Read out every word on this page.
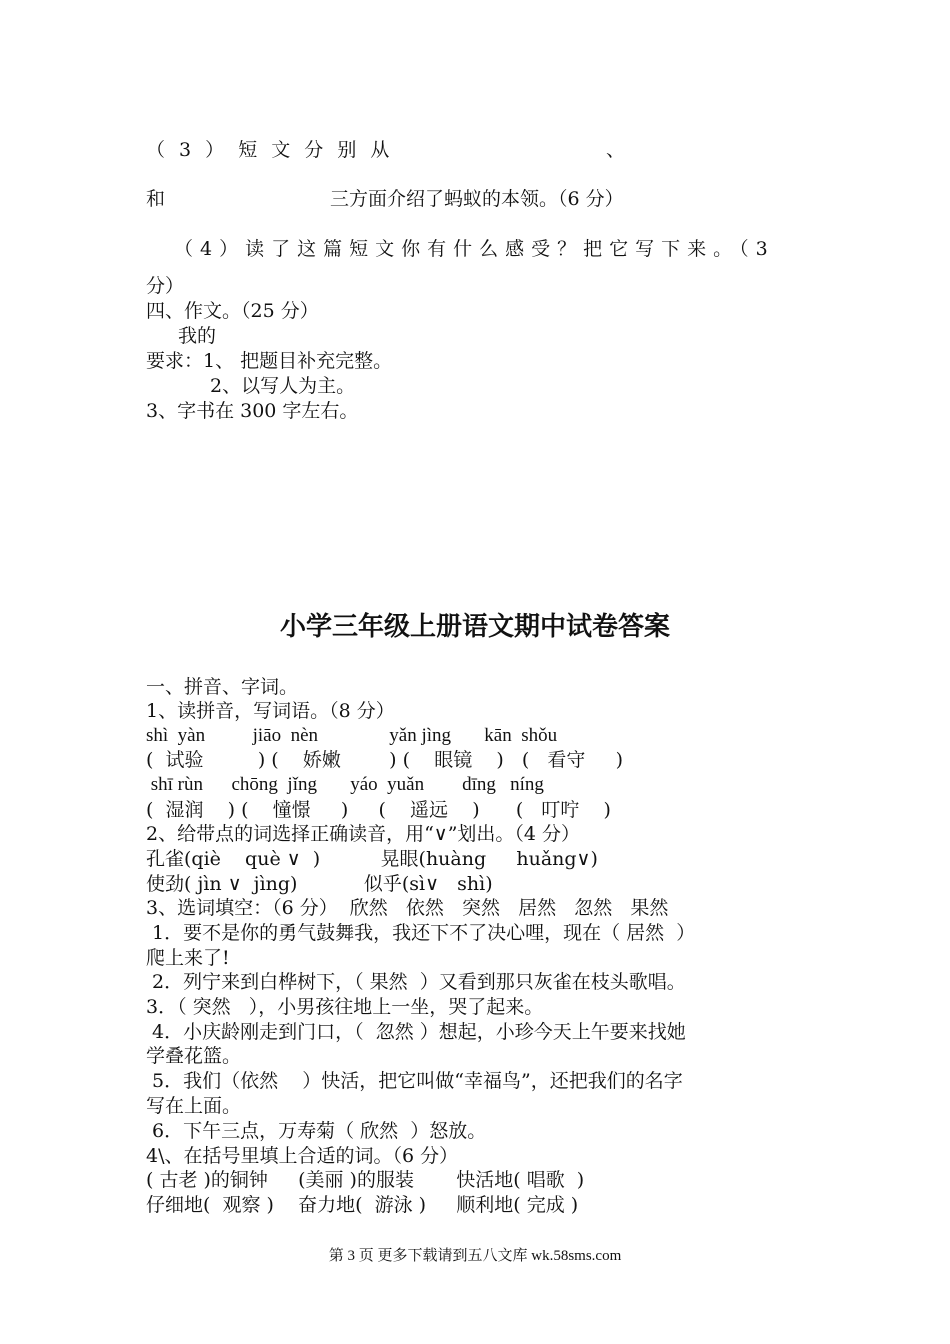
（ 3 ） 短 文 分 别 从	、
和	三方面介绍了蚂蚁的本领。（6 分）
（4）读了这篇短文你有什么感受？把它写下来。（3
分）
四、作文。（25 分）
我的
要求：1、 把题目补充完整。
2、以写人为主。
3、字书在 300 字左右。
小学三年级上册语文期中试卷答案
一、拼音、字词。
1、读拼音，写词语。（8 分）
shì  yàn          jiāo  nèn               yǎn jìng       kān  shǒu
(  试验         ) (    娇嫩        ) (    眼镜    )   (   看守     )
shī rùn      chōng  jǐng       yáo  yuǎn        dīng   níng
(  湿润    ) (    憧憬     )     (    遥远    )      (   叮咛    )
2、给带点的词选择正确读音，用“∨”划出。（4 分）
孔雀(qiè    què ∨  )          晃眼(huàng     huǎng∨)
使劲( jìn ∨  jìng)           似乎(sì∨   shì)
3、选词填空：（6 分）  欣然   依然   突然   居然   忽然   果然
1．要不是你的勇气鼓舞我，我还下不了决心哩，现在（ 居然  ）
爬上来了!
2．列宁来到白桦树下，（ 果然  ）又看到那只灰雀在枝头歌唱。
3．（ 突然   ），小男孩往地上一坐，哭了起来。
4．小庆龄刚走到门口，（  忽然 ）想起，小珍今天上午要来找她
学叠花篮。
5．我们（依然    ）快活，把它叫做“幸福鸟”，还把我们的名字
写在上面。
6．下午三点，万寿菊（ 欣然  ）怒放。
4\、在括号里填上合适的词。（6 分）
( 古老 )的铜钟     (美丽 )的服装       快活地( 唱歌  )
仔细地(  观察 )    奋力地(  游泳 )     顺利地( 完成 )
第 3 页 更多下载请到五八文库 wk.58sms.com
